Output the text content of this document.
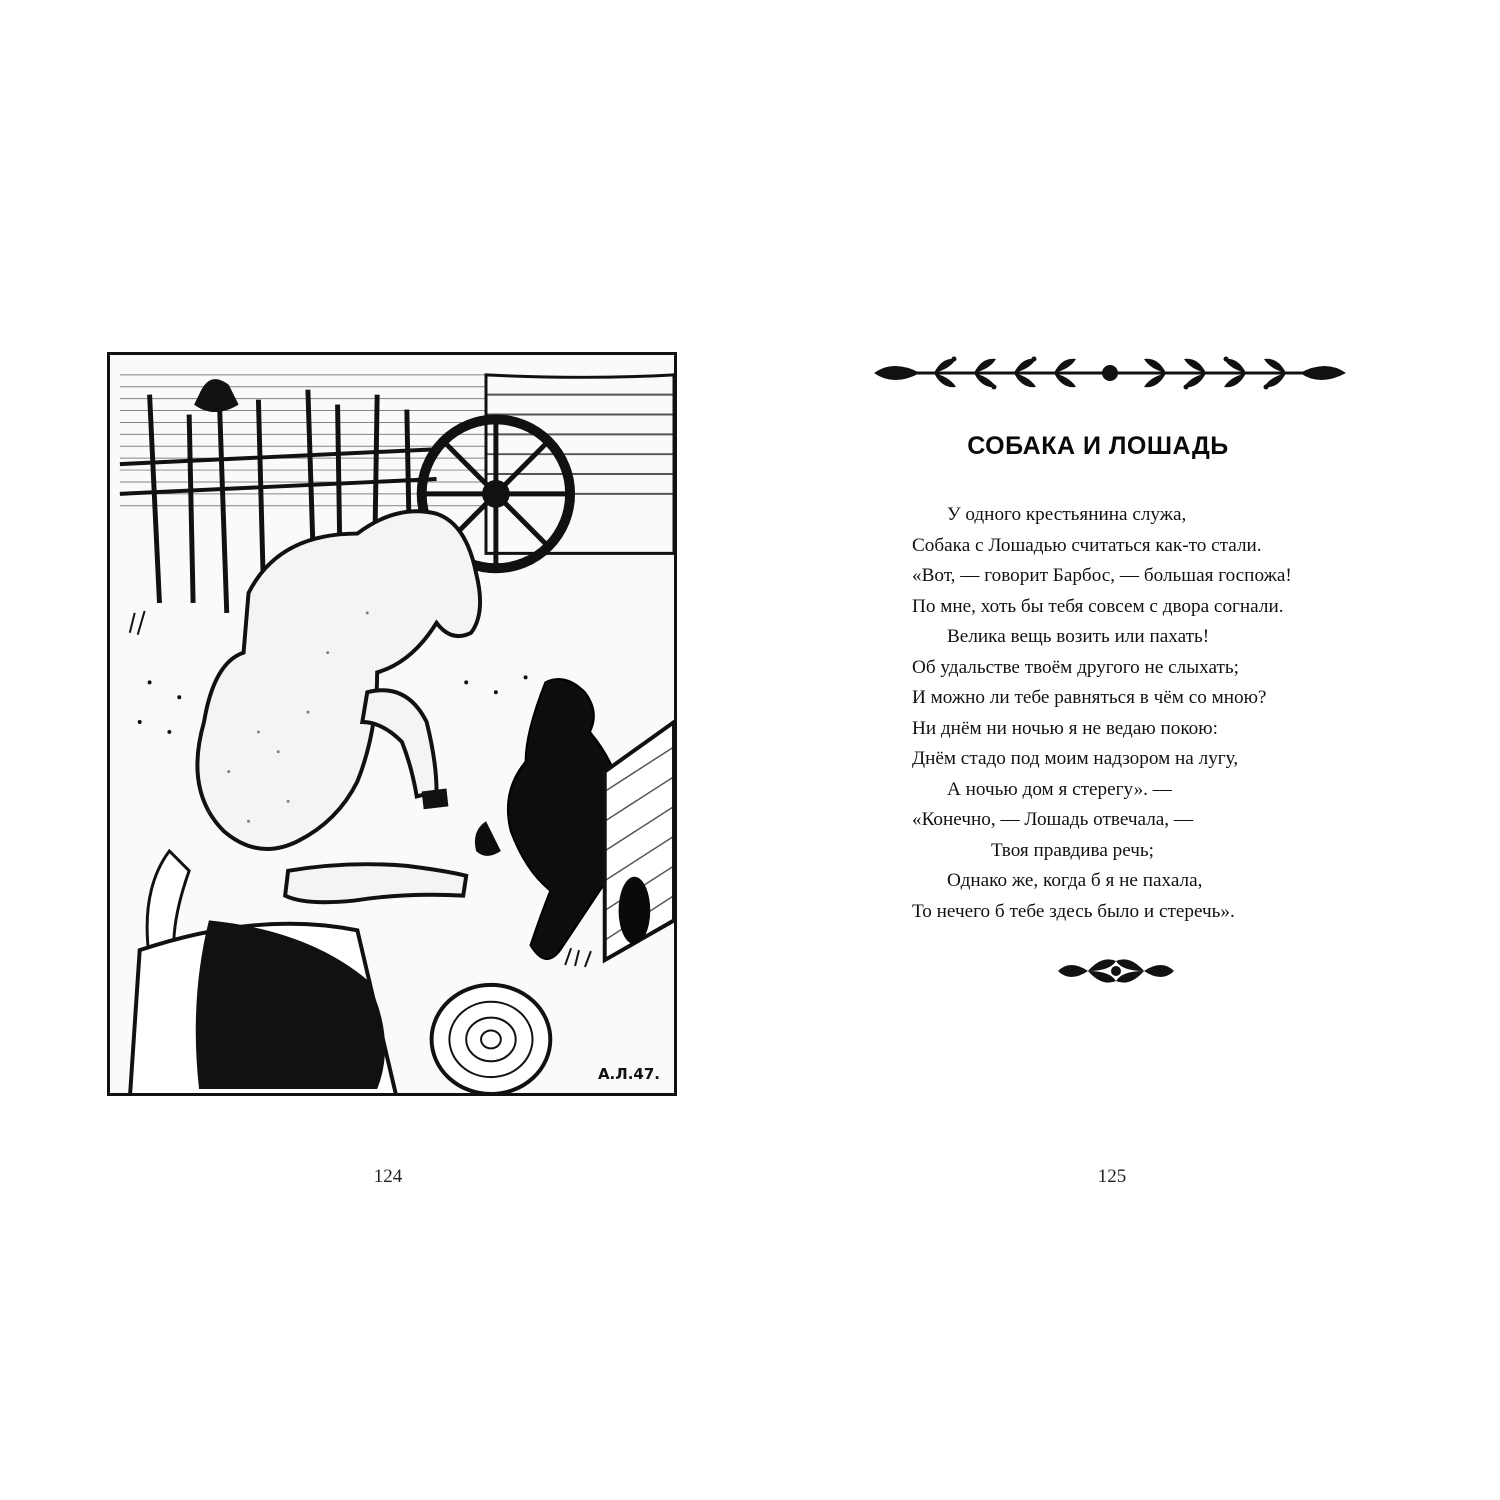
А.Л.47.
124
СОБАКА И ЛОШАДЬ
У одного крестьянина служа,
Собака с Лошадью считаться как-то стали.
«Вот, — говорит Барбос, — большая госпожа!
По мне, хоть бы тебя совсем с двора согнали.
Велика вещь возить или пахать!
Об удальстве твоём другого не слыхать;
И можно ли тебе равняться в чём со мною?
Ни днём ни ночью я не ведаю покою:
Днём стадо под моим надзором на лугу,
А ночью дом я стерегу». —
«Конечно, — Лошадь отвечала, —
Твоя правдива речь;
Однако же, когда б я не пахала,
То нечего б тебе здесь было и стеречь».
125
